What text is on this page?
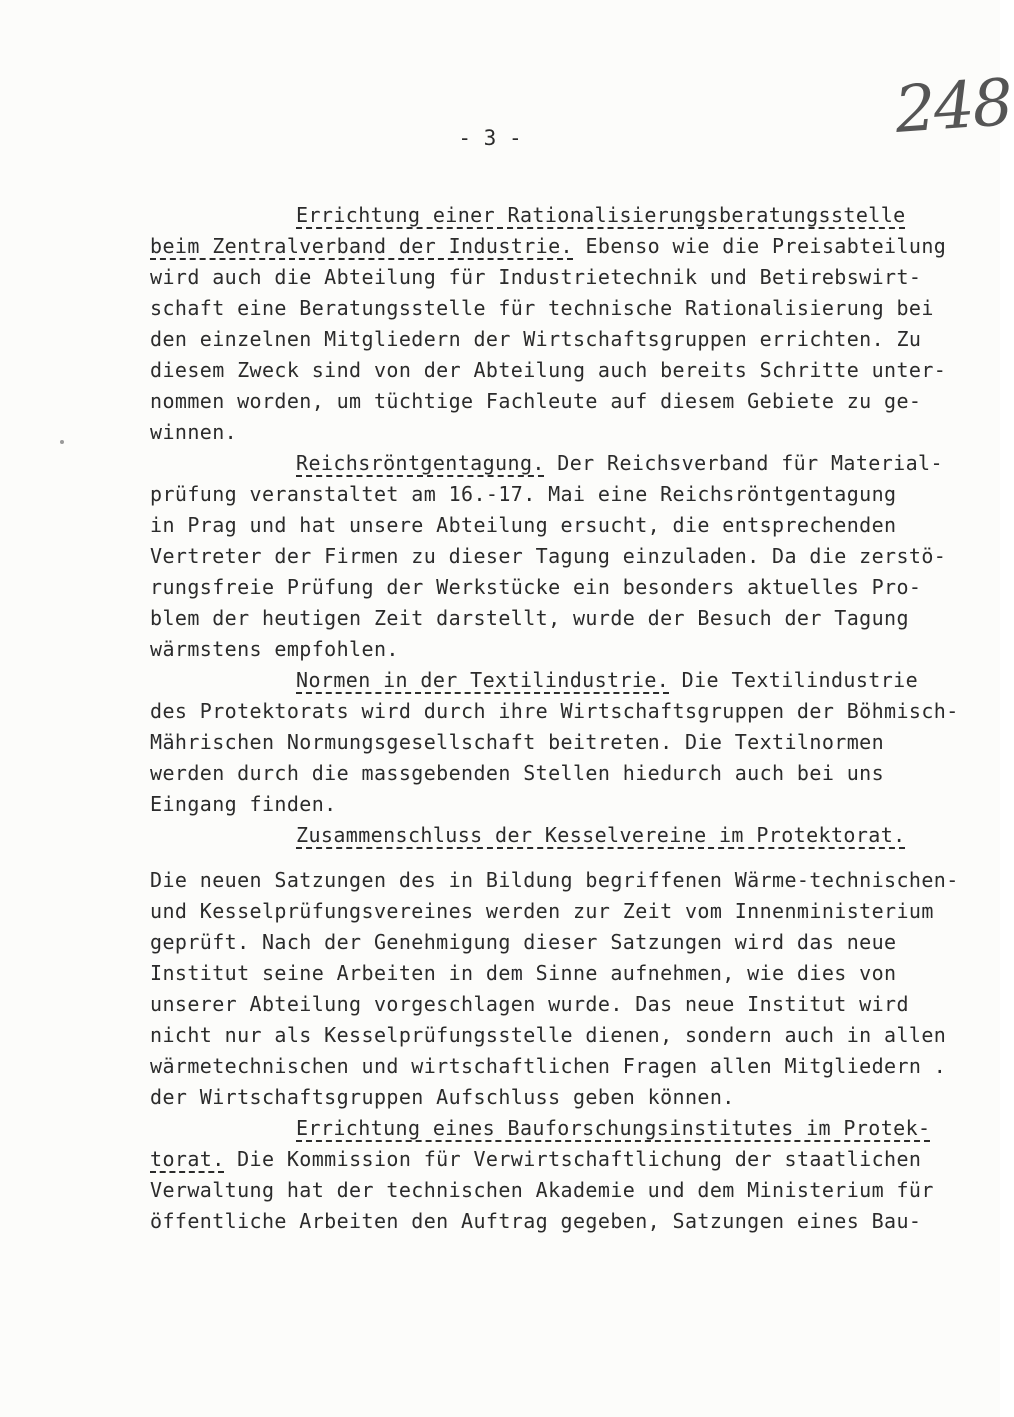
248
- 3 -
Errichtung einer Rationalisierungsberatungsstelle
beim Zentralverband der Industrie. Ebenso wie die Preisabteilung
wird auch die Abteilung für Industrietechnik und Betirebswirt-
schaft eine Beratungsstelle für technische Rationalisierung bei
den einzelnen Mitgliedern der Wirtschaftsgruppen errichten. Zu
diesem Zweck sind von der Abteilung auch bereits Schritte unter-
nommen worden, um tüchtige Fachleute auf diesem Gebiete zu ge-
winnen.
Reichsröntgentagung. Der Reichsverband für Material-
prüfung veranstaltet am 16.-17. Mai eine Reichsröntgentagung
in Prag und hat unsere Abteilung ersucht, die entsprechenden
Vertreter der Firmen zu dieser Tagung einzuladen. Da die zerstö-
rungsfreie Prüfung der Werkstücke ein besonders aktuelles Pro-
blem der heutigen Zeit darstellt, wurde der Besuch der Tagung
wärmstens empfohlen.
Normen in der Textilindustrie. Die Textilindustrie
des Protektorats wird durch ihre Wirtschaftsgruppen der Böhmisch-
Mährischen Normungsgesellschaft beitreten. Die Textilnormen
werden durch die massgebenden Stellen hiedurch auch bei uns
Eingang finden.
Zusammenschluss der Kesselvereine im Protektorat.
Die neuen Satzungen des in Bildung begriffenen Wärme-technischen-
und Kesselprüfungsvereines werden zur Zeit vom Innenministerium
geprüft. Nach der Genehmigung dieser Satzungen wird das neue
Institut seine Arbeiten in dem Sinne aufnehmen, wie dies von
unserer Abteilung vorgeschlagen wurde. Das neue Institut wird
nicht nur als Kesselprüfungsstelle dienen, sondern auch in allen
wärmetechnischen und wirtschaftlichen Fragen allen Mitgliedern .
der Wirtschaftsgruppen Aufschluss geben können.
Errichtung eines Bauforschungsinstitutes im Protek-
torat. Die Kommission für Verwirtschaftlichung der staatlichen
Verwaltung hat der technischen Akademie und dem Ministerium für
öffentliche Arbeiten den Auftrag gegeben, Satzungen eines Bau-
